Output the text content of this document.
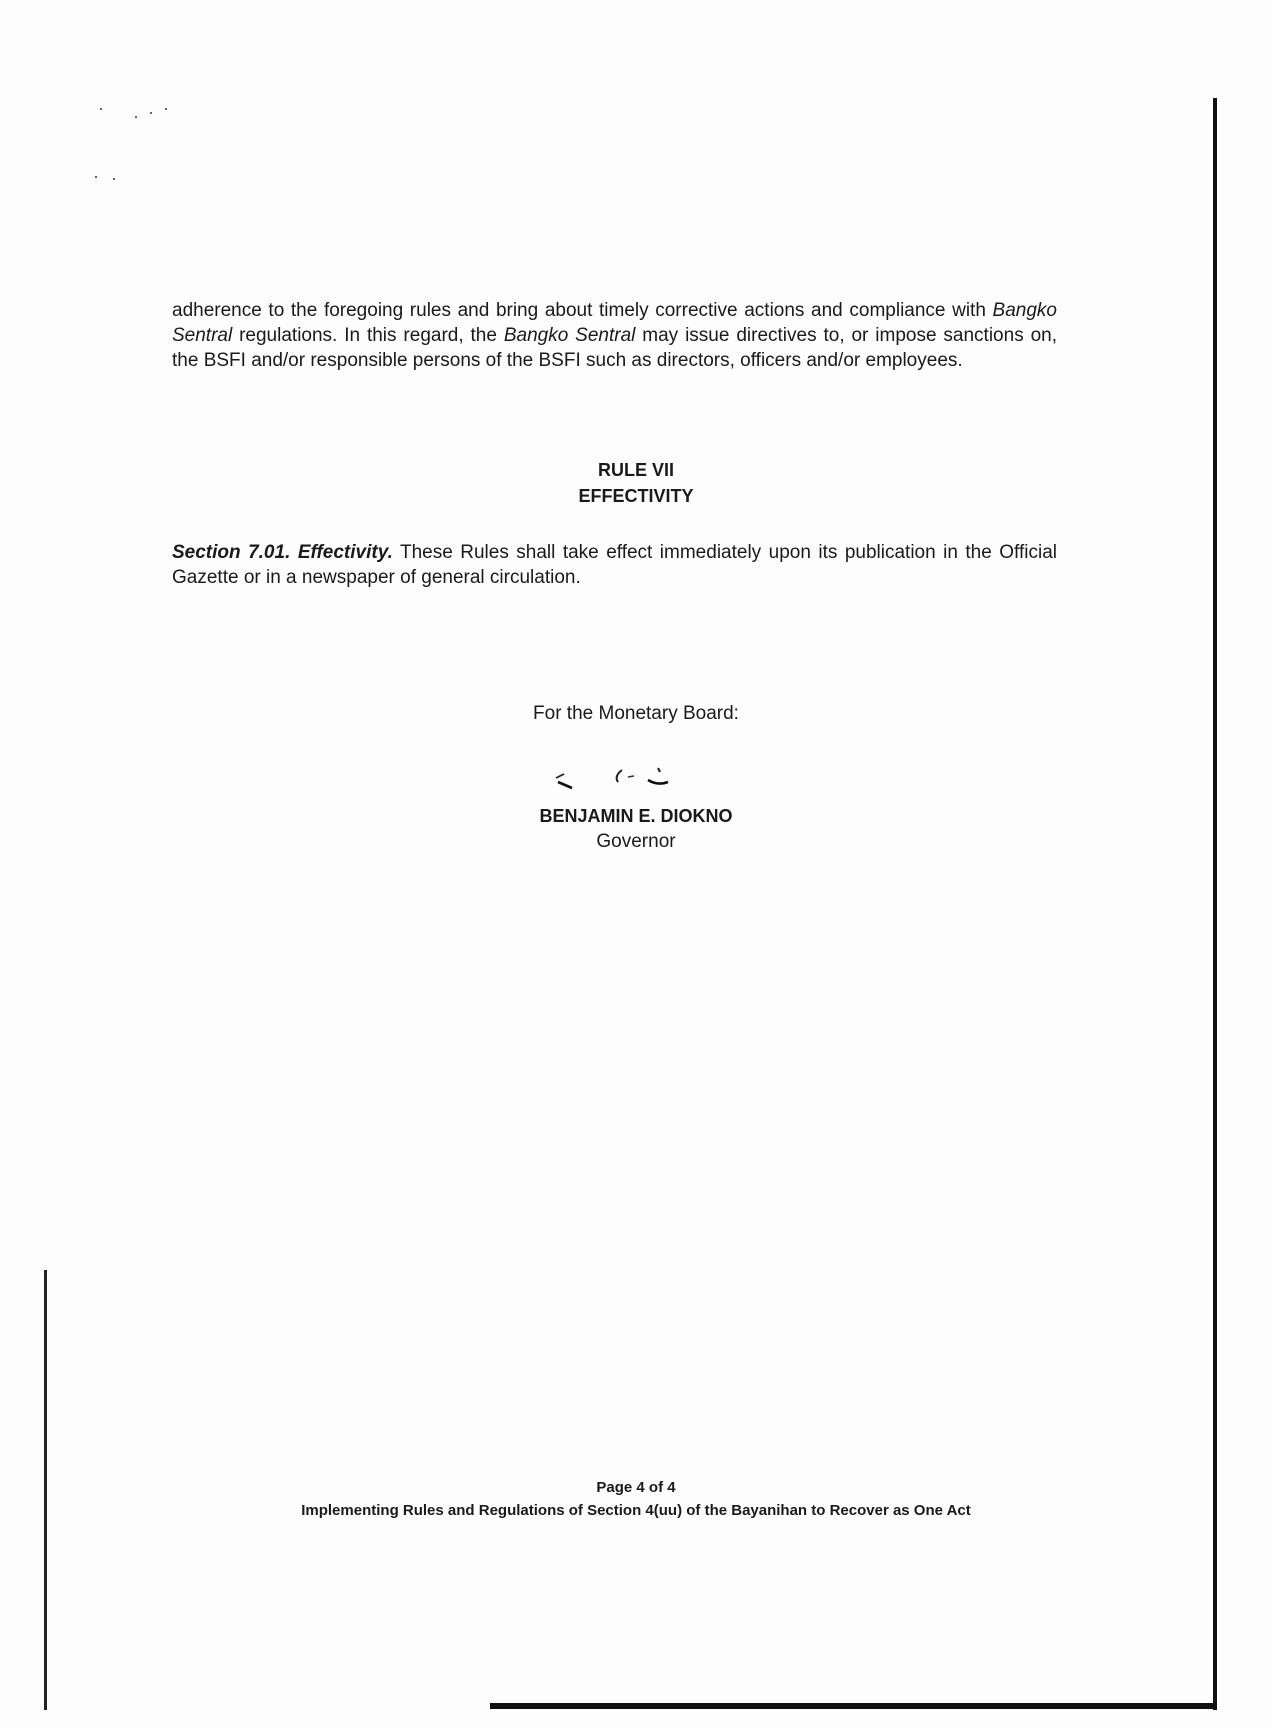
adherence to the foregoing rules and bring about timely corrective actions and compliance with Bangko Sentral regulations. In this regard, the Bangko Sentral may issue directives to, or impose sanctions on, the BSFI and/or responsible persons of the BSFI such as directors, officers and/or employees.

RULE VII

EFFECTIVITY

Section 7.01. Effectivity. These Rules shall take effect immediately upon its publication in the Official Gazette or in a newspaper of general circulation.

For the Monetary Board:

BENJAMIN E. DIOKNO

Governor

Page 4 of 4

Implementing Rules and Regulations of Section 4(uu) of the Bayanihan to Recover as One Act
